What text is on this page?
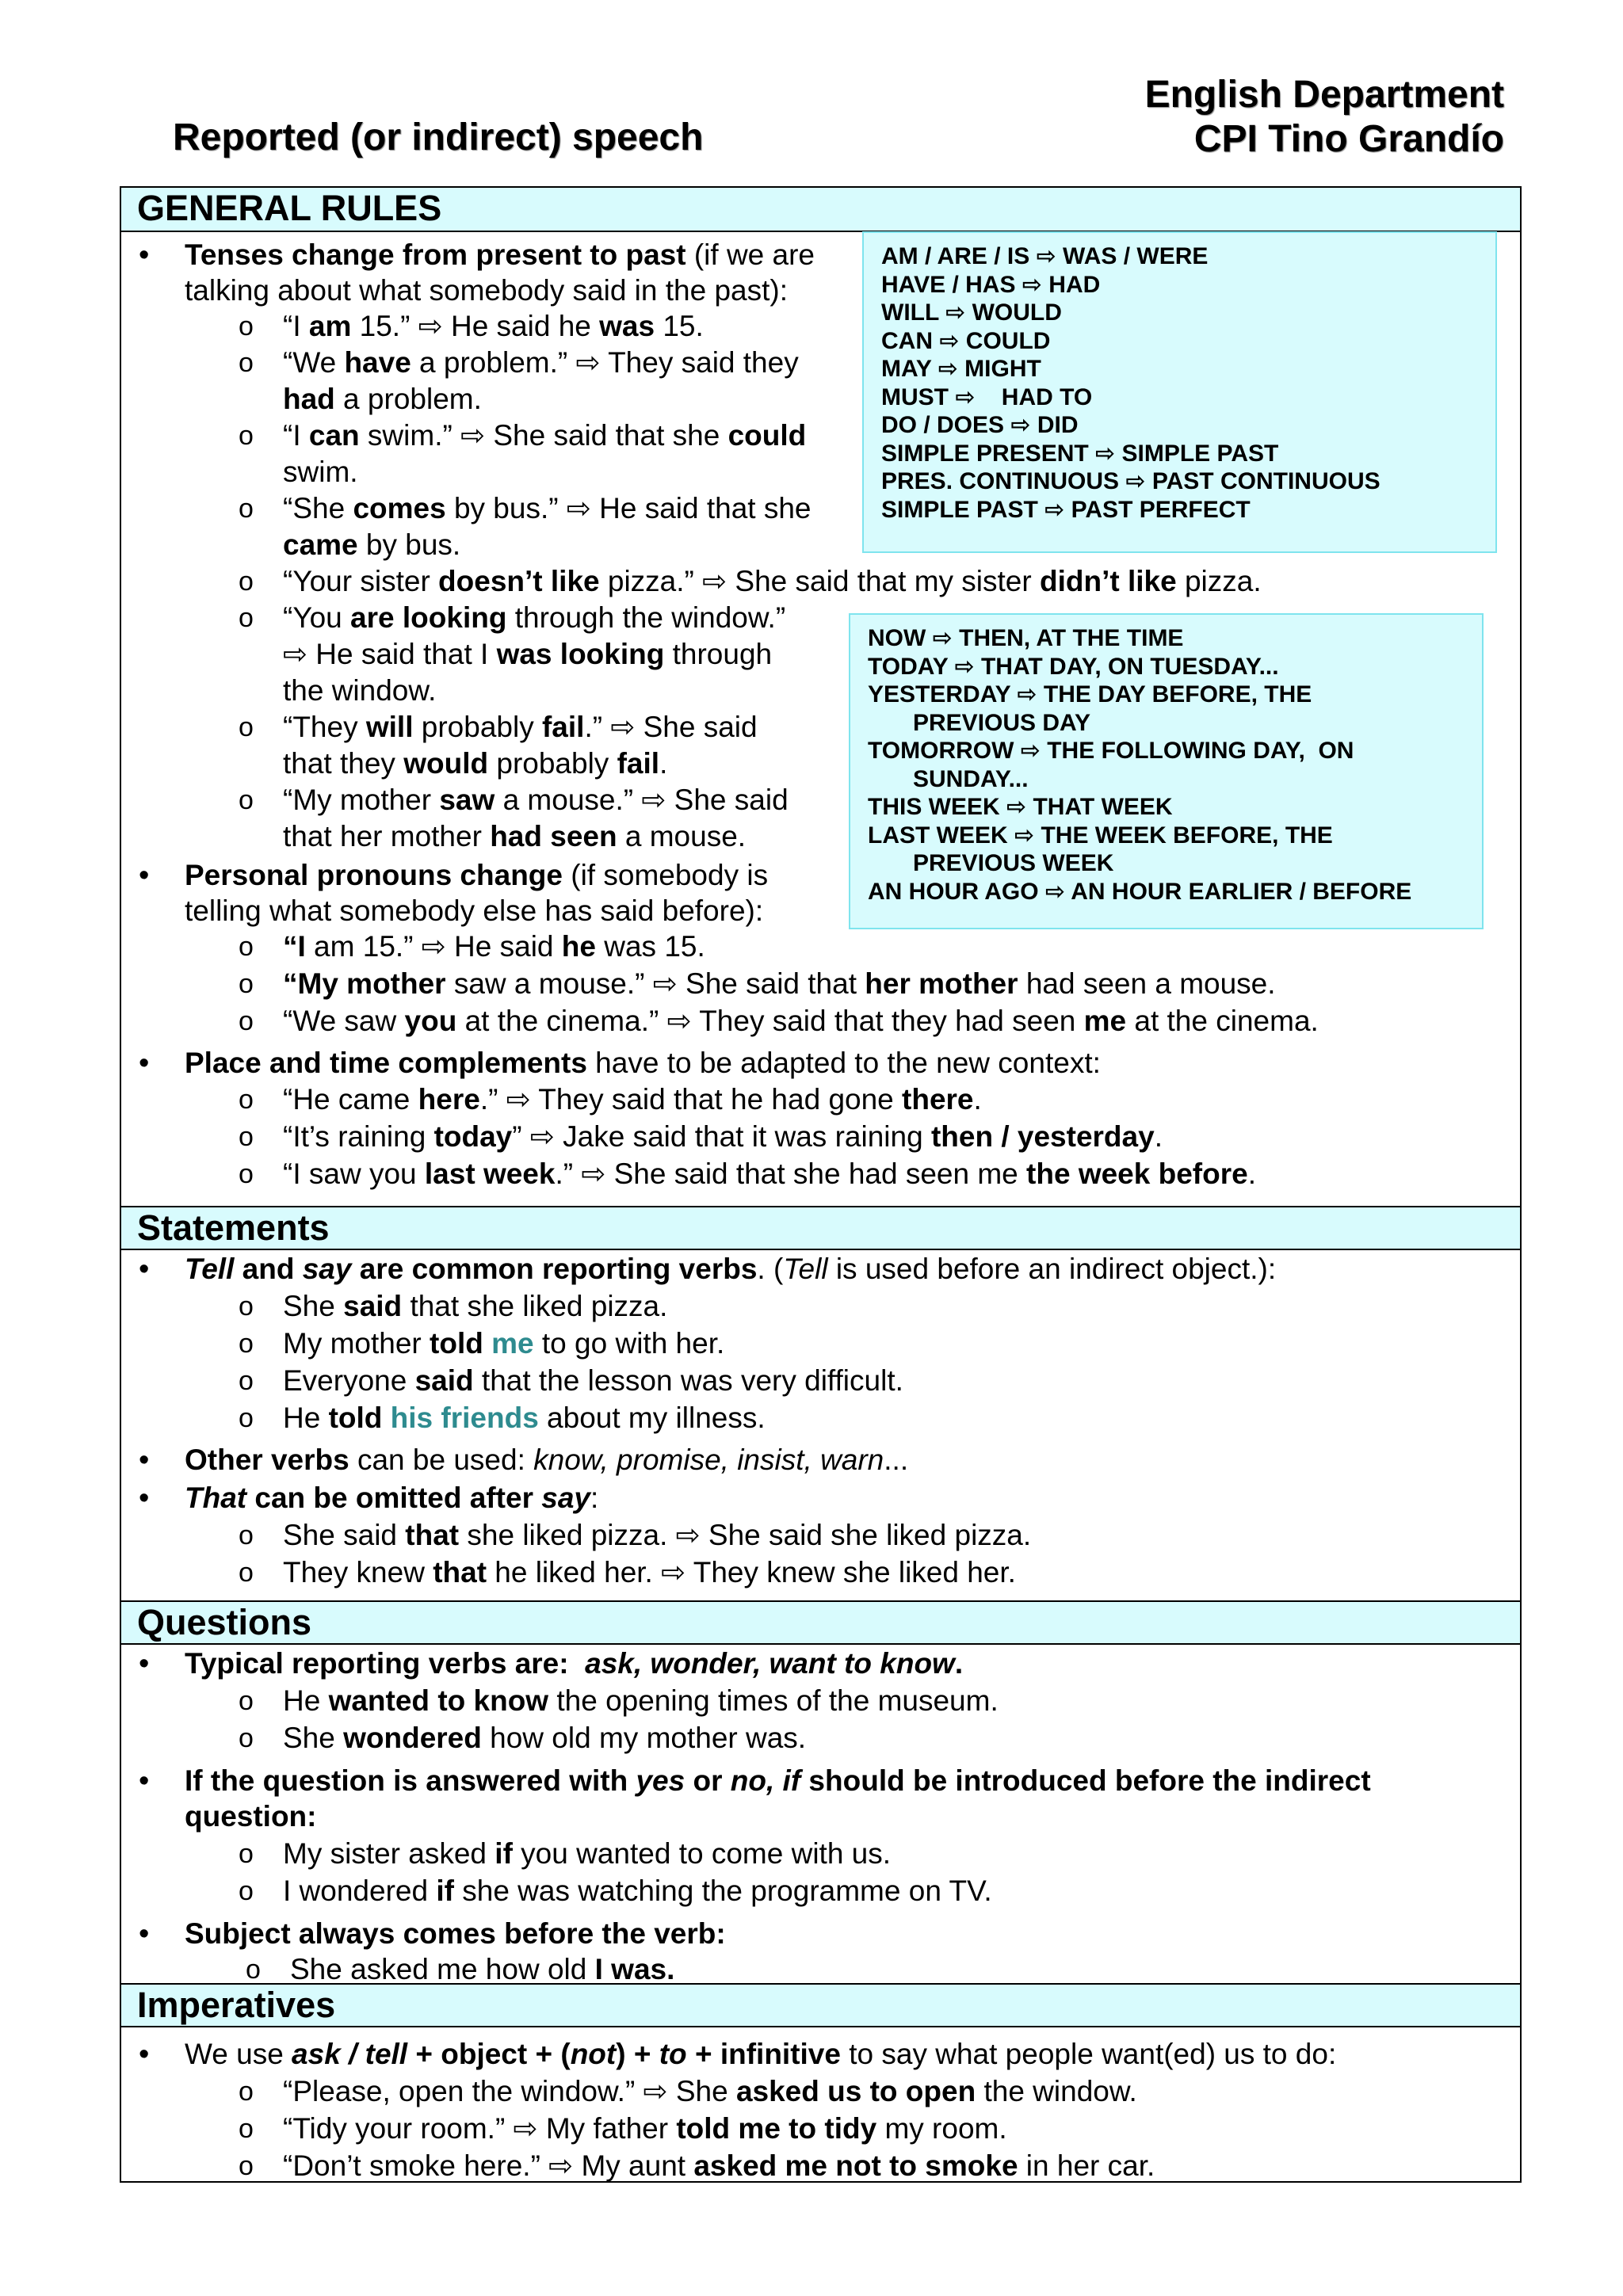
English Department
CPI Tino Grandío
Reported (or indirect) speech
GENERAL RULES
Statements
Questions
Imperatives
AM / ARE / IS ⇨ WAS / WERE
HAVE / HAS ⇨ HAD
WILL ⇨ WOULD
CAN ⇨ COULD
MAY ⇨ MIGHT
MUST ⇨    HAD TO
DO / DOES ⇨ DID
SIMPLE PRESENT ⇨ SIMPLE PAST
PRES. CONTINUOUS ⇨ PAST CONTINUOUS
SIMPLE PAST ⇨ PAST PERFECT
NOW ⇨ THEN, AT THE TIME
TODAY ⇨ THAT DAY, ON TUESDAY...
YESTERDAY ⇨ THE DAY BEFORE, THE
PREVIOUS DAY
TOMORROW ⇨ THE FOLLOWING DAY,  ON
SUNDAY...
THIS WEEK ⇨ THAT WEEK
LAST WEEK ⇨ THE WEEK BEFORE, THE
PREVIOUS WEEK
AN HOUR AGO ⇨ AN HOUR EARLIER / BEFORE
• Tenses change from present to past (if we are
talking about what somebody said in the past):
o “I am 15.” ⇨ He said he was 15.
o “We have a problem.” ⇨ They said they
had a problem.
o “I can swim.” ⇨ She said that she could
swim.
o “She comes by bus.” ⇨ He said that she
came by bus.
o “Your sister doesn’t like pizza.” ⇨ She said that my sister didn’t like pizza.
o “You are looking through the window.”
⇨ He said that I was looking through
the window.
o “They will probably fail.” ⇨ She said
that they would probably fail.
o “My mother saw a mouse.” ⇨ She said
that her mother had seen a mouse.
• Personal pronouns change (if somebody is
telling what somebody else has said before):
o “I am 15.” ⇨ He said he was 15.
o “My mother saw a mouse.” ⇨ She said that her mother had seen a mouse.
o “We saw you at the cinema.” ⇨ They said that they had seen me at the cinema.
• Place and time complements have to be adapted to the new context:
o “He came here.” ⇨ They said that he had gone there.
o “It’s raining today” ⇨ Jake said that it was raining then / yesterday.
o “I saw you last week.” ⇨ She said that she had seen me the week before.
• Tell and say are common reporting verbs. (Tell is used before an indirect object.):
o She said that she liked pizza.
o My mother told me to go with her.
o Everyone said that the lesson was very difficult.
o He told his friends about my illness.
• Other verbs can be used: know, promise, insist, warn...
• That can be omitted after say:
o She said that she liked pizza. ⇨ She said she liked pizza.
o They knew that he liked her. ⇨ They knew she liked her.
• Typical reporting verbs are:  ask, wonder, want to know.
o He wanted to know the opening times of the museum.
o She wondered how old my mother was.
• If the question is answered with yes or no, if should be introduced before the indirect
question:
o My sister asked if you wanted to come with us.
o I wondered if she was watching the programme on TV.
• Subject always comes before the verb:
o She asked me how old I was.
• We use ask / tell + object + (not) + to + infinitive to say what people want(ed) us to do:
o “Please, open the window.” ⇨ She asked us to open the window.
o “Tidy your room.” ⇨ My father told me to tidy my room.
o “Don’t smoke here.” ⇨ My aunt asked me not to smoke in her car.
